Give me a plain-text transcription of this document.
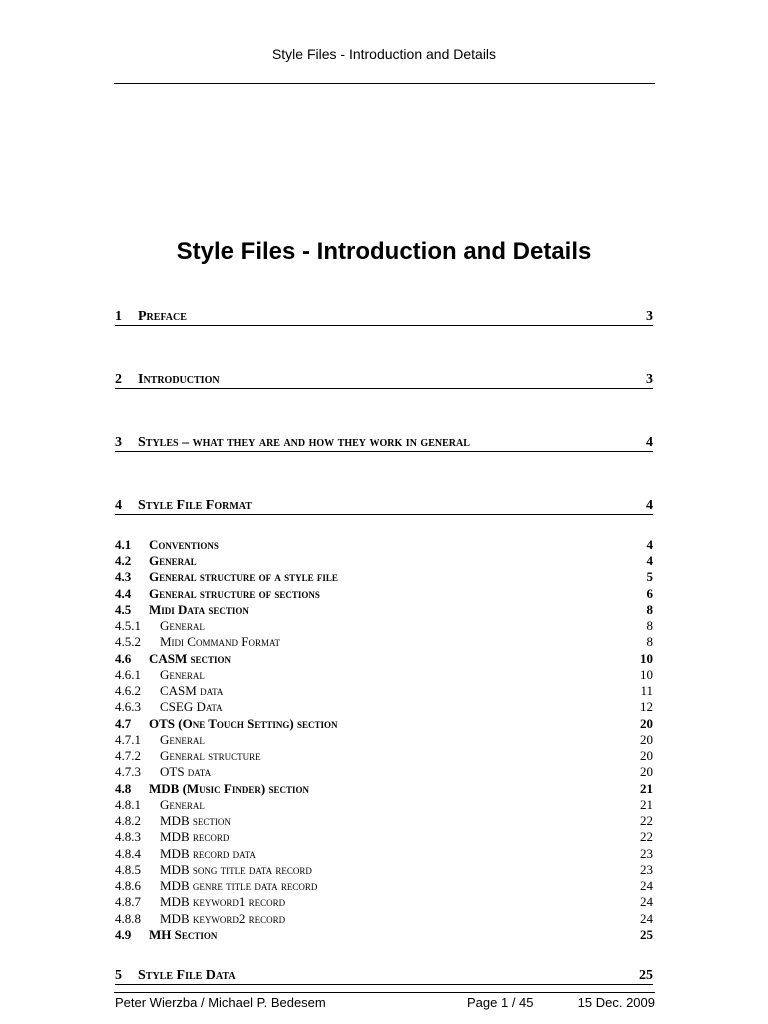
Style Files - Introduction and Details
Style Files - Introduction and Details
1 Preface	3
2 Introduction	3
3 Styles – what they are and how they work in general	4
4 Style File Format	4
4.1 Conventions	4
4.2 General	4
4.3 General structure of a style file	5
4.4 General structure of sections	6
4.5 Midi Data section	8
4.5.1 General	8
4.5.2 Midi Command Format	8
4.6 CASM section	10
4.6.1 General	10
4.6.2 CASM data	11
4.6.3 CSEG Data	12
4.7 OTS (One Touch Setting) section	20
4.7.1 General	20
4.7.2 General structure	20
4.7.3 OTS data	20
4.8 MDB (Music Finder) section	21
4.8.1 General	21
4.8.2 MDB section	22
4.8.3 MDB record	22
4.8.4 MDB record data	23
4.8.5 MDB song title data record	23
4.8.6 MDB genre title data record	24
4.8.7 MDB keyword1 record	24
4.8.8 MDB keyword2 record	24
4.9 MH Section	25
5 Style File Data	25
Peter Wierzba / Michael P. Bedesem	Page 1 / 45	15 Dec. 2009
